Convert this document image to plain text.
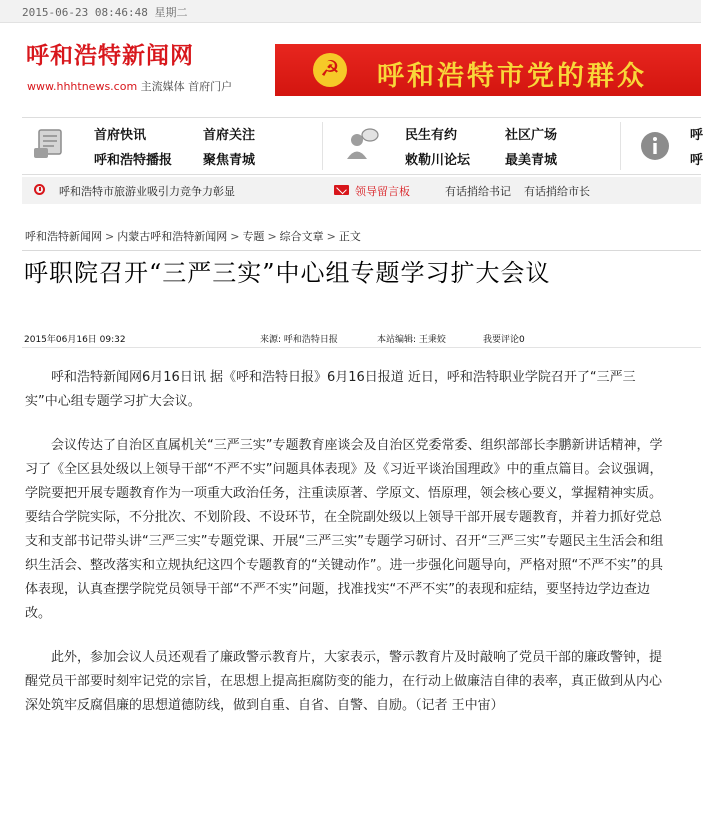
2015-06-23 08:46:48 星期二
呼和浩特新闻网
www.hhhtnews.com 主流媒体 首府门户
☭ 呼和浩特市党的群众
首府快讯
呼和浩特播报
首府关注
聚焦青城
民生有约
敕勒川论坛
社区广场
最美青城
呼
呼
呼和浩特市旅游业吸引力竞争力彰显	领导留言板	有话捎给书记 有话捎给市长
呼和浩特新闻网 > 内蒙古呼和浩特新闻网 > 专题 > 综合文章 > 正文
呼职院召开“三严三实”中心组专题学习扩大会议
2015年06月16日 09:32	来源: 呼和浩特日报	本站编辑: 王秉姣	我要评论0

呼和浩特新闻网6月16日讯 据《呼和浩特日报》6月16日报道 近日，呼和浩特职业学院召开了“三严三实”中心组专题学习扩大会议。

会议传达了自治区直属机关“三严三实”专题教育座谈会及自治区党委常委、组织部部长李鹏新讲话精神，学习了《全区县处级以上领导干部“不严不实”问题具体表现》及《习近平谈治国理政》中的重点篇目。会议强调，学院要把开展专题教育作为一项重大政治任务，注重读原著、学原文、悟原理，领会核心要义，掌握精神实质。要结合学院实际，不分批次、不划阶段、不设环节，在全院副处级以上领导干部开展专题教育，并着力抓好党总支和支部书记带头讲“三严三实”专题党课、开展“三严三实”专题学习研讨、召开“三严三实”专题民主生活会和组织生活会、整改落实和立规执纪这四个专题教育的“关键动作”。进一步强化问题导向，严格对照“不严不实”的具体表现，认真查摆学院党员领导干部“不严不实”问题，找准找实“不严不实”的表现和症结，要坚持边学边查边改。

此外，参加会议人员还观看了廉政警示教育片，大家表示，警示教育片及时敲响了党员干部的廉政警钟，提醒党员干部要时刻牢记党的宗旨，在思想上提高拒腐防变的能力，在行动上做廉洁自律的表率，真正做到从内心深处筑牢反腐倡廉的思想道德防线，做到自重、自省、自警、自励。（记者 王中宙）
